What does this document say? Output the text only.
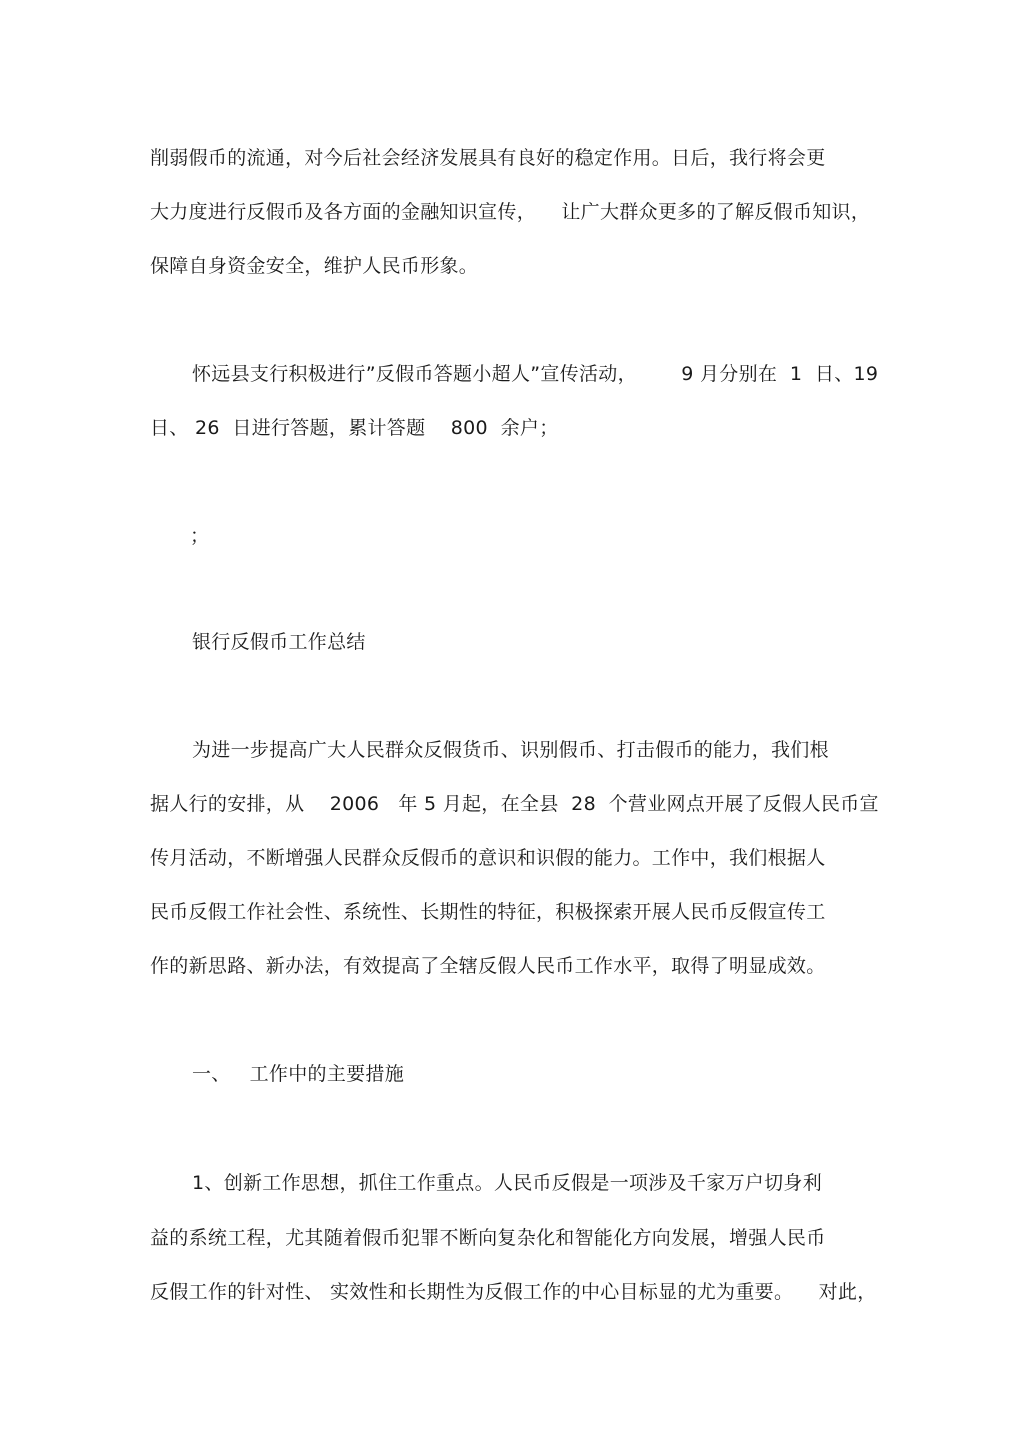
削弱假币的流通，对今后社会经济发展具有良好的稳定作用。日后，我行将会更
大力度进行反假币及各方面的金融知识宣传，    让广大群众更多的了解反假币知识，
保障自身资金安全，维护人民币形象。
怀远县支行积极进行”反假币答题小超人”宣传活动，       9 月分别在  1  日、19
日、 26  日进行答题，累计答题    800  余户；
；
银行反假币工作总结
为进一步提高广大人民群众反假货币、识别假币、打击假币的能力，我们根
据人行的安排，从    2006   年 5 月起，在全县  28  个营业网点开展了反假人民币宣
传月活动，不断增强人民群众反假币的意识和识假的能力。工作中，我们根据人
民币反假工作社会性、系统性、长期性的特征，积极探索开展人民币反假宣传工
作的新思路、新办法，有效提高了全辖反假人民币工作水平，取得了明显成效。
一、   工作中的主要措施
1、创新工作思想，抓住工作重点。人民币反假是一项涉及千家万户切身利
益的系统工程，尤其随着假币犯罪不断向复杂化和智能化方向发展，增强人民币
反假工作的针对性、 实效性和长期性为反假工作的中心目标显的尤为重要。    对此，
